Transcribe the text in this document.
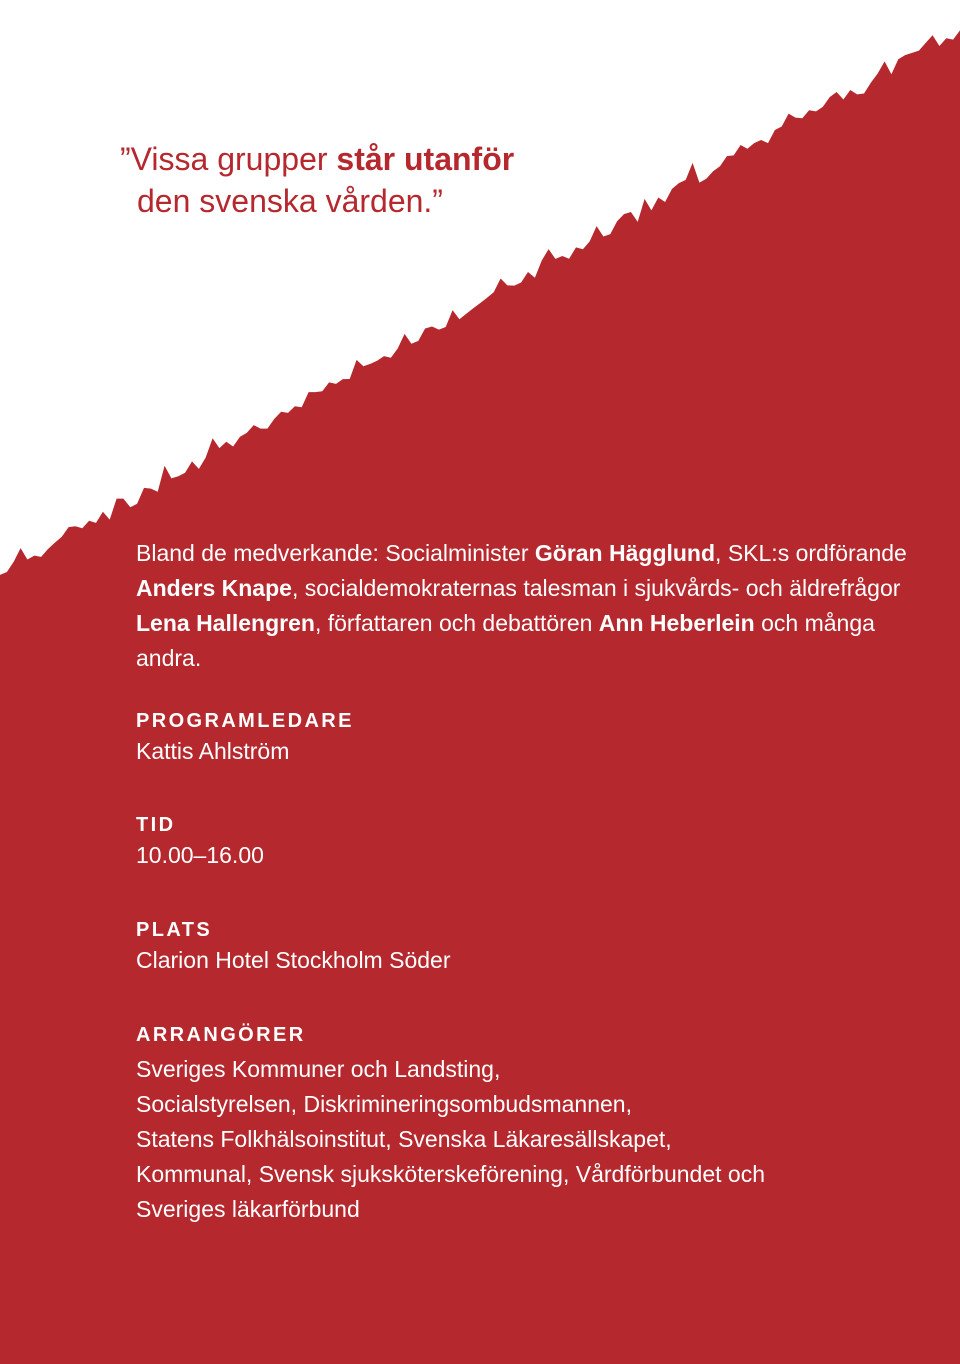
”Vissa grupper står utanför
den svenska vården.”

Bland de medverkande: Socialminister Göran Hägglund, SKL:s ordförande Anders Knape, socialdemokraternas talesman i sjukvårds- och äldrefrågor Lena Hallengren, författaren och debattören Ann Heberlein och många andra.

PROGRAMLEDARE

Kattis Ahlström

TID

10.00–16.00

PLATS

Clarion Hotel Stockholm Söder

ARRANGÖRER

Sveriges Kommuner och Landsting,
Socialstyrelsen, Diskrimineringsombudsmannen,
Statens Folkhälsoinstitut, Svenska Läkaresällskapet,
Kommunal, Svensk sjuksköterskeförening, Vårdförbundet och
Sveriges läkarförbund
